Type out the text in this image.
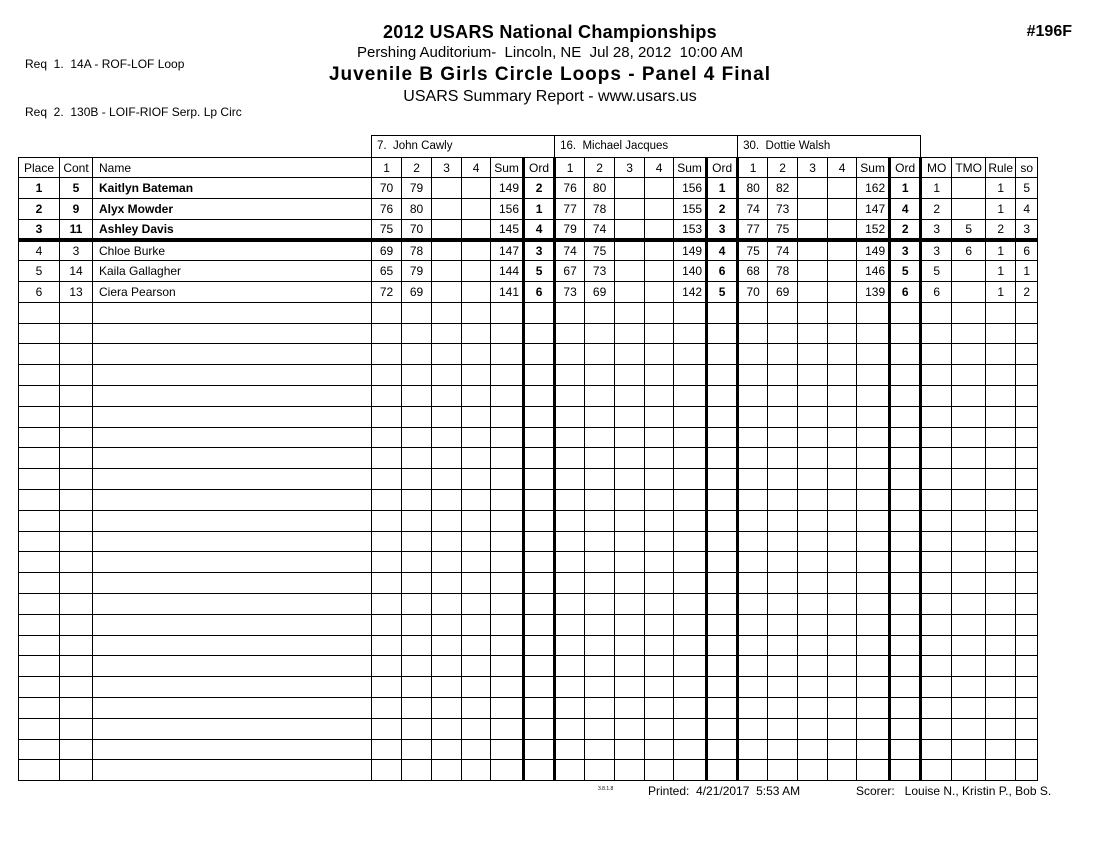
Req  1.  14A - ROF-LOF Loop

Req  2.  130B - LOIF-RIOF Serp. Lp Circ

2012 USARS National Championships
Pershing Auditorium-  Lincoln, NE  Jul 28, 2012  10:00 AM
Juvenile B Girls Circle Loops - Panel 4 Final
USARS Summary Report - www.usars.us
#196F
			7.  John Cawly						16.  Michael Jacques						30.  Dottie Walsh									
Place	Cont	Name	1	2	3	4	Sum	Ord	1	2	3	4	Sum	Ord	1	2	3	4	Sum	Ord	MO	TMO	Rule	so
1	5	Kaitlyn Bateman	70	79			149	2	76	80			156	1	80	82			162	1	1		1	5
2	9	Alyx Mowder	76	80			156	1	77	78			155	2	74	73			147	4	2		1	4
3	11	Ashley Davis	75	70			145	4	79	74			153	3	77	75			152	2	3	5	2	3
4	3	Chloe Burke	69	78			147	3	74	75			149	4	75	74			149	3	3	6	1	6
5	14	Kaila Gallagher	65	79			144	5	67	73			140	6	68	78			146	5	5		1	1
6	13	Ciera Pearson	72	69			141	6	73	69			142	5	70	69			139	6	6		1	2

3.8.1.8	Printed:  4/21/2017  5:53 AM	Scorer:   Louise N., Kristin P., Bob S.
